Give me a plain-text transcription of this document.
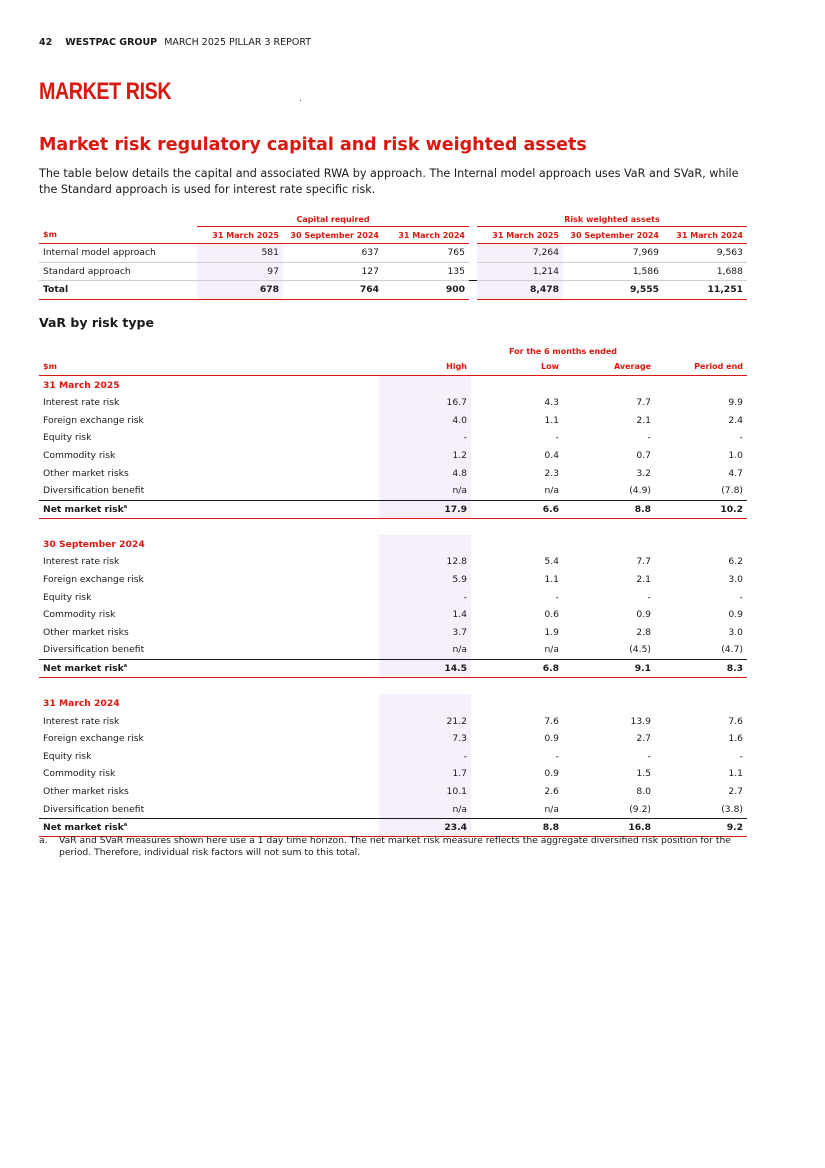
42 WESTPAC GROUP MARCH 2025 PILLAR 3 REPORT
MARKET RISK
Market risk regulatory capital and risk weighted assets

The table below details the capital and associated RWA by approach. The Internal model approach uses VaR and SVaR, while the Standard approach is used for interest rate specific risk.

	Capital required				Risk weighted assets		
$m	31 March 2025	30 September 2024	31 March 2024		31 March 2025	30 September 2024	31 March 2024
Internal model approach	581	637	765		7,264	7,969	9,563
Standard approach	97	127	135		1,214	1,586	1,688
Total	678	764	900		8,478	9,555	11,251
VaR by risk type
		For the 6 months ended		
$m	High	Low	Average	Period end
31 March 2025				
Interest rate risk	16.7	4.3	7.7	9.9
Foreign exchange risk	4.0	1.1	2.1	2.4
Equity risk	-	-	-	-
Commodity risk	1.2	0.4	0.7	1.0
Other market risks	4.8	2.3	3.2	4.7
Diversification benefit	n/a	n/a	(4.9)	(7.8)
Net market risk$^a$	17.9	6.6	8.8	10.2

30 September 2024				
Interest rate risk	12.8	5.4	7.7	6.2
Foreign exchange risk	5.9	1.1	2.1	3.0
Equity risk	-	-	-	-
Commodity risk	1.4	0.6	0.9	0.9
Other market risks	3.7	1.9	2.8	3.0
Diversification benefit	n/a	n/a	(4.5)	(4.7)
Net market risk$^a$	14.5	6.8	9.1	8.3

31 March 2024				
Interest rate risk	21.2	7.6	13.9	7.6
Foreign exchange risk	7.3	0.9	2.7	1.6
Equity risk	-	-	-	-
Commodity risk	1.7	0.9	1.5	1.1
Other market risks	10.1	2.6	8.0	2.7
Diversification benefit	n/a	n/a	(9.2)	(3.8)
Net market risk$^a$	23.4	8.8	16.8	9.2

a.	VaR and SVaR measures shown here use a 1 day time horizon. The net market risk measure reflects the aggregate diversified risk position for the period. Therefore, individual risk factors will not sum to this total.
